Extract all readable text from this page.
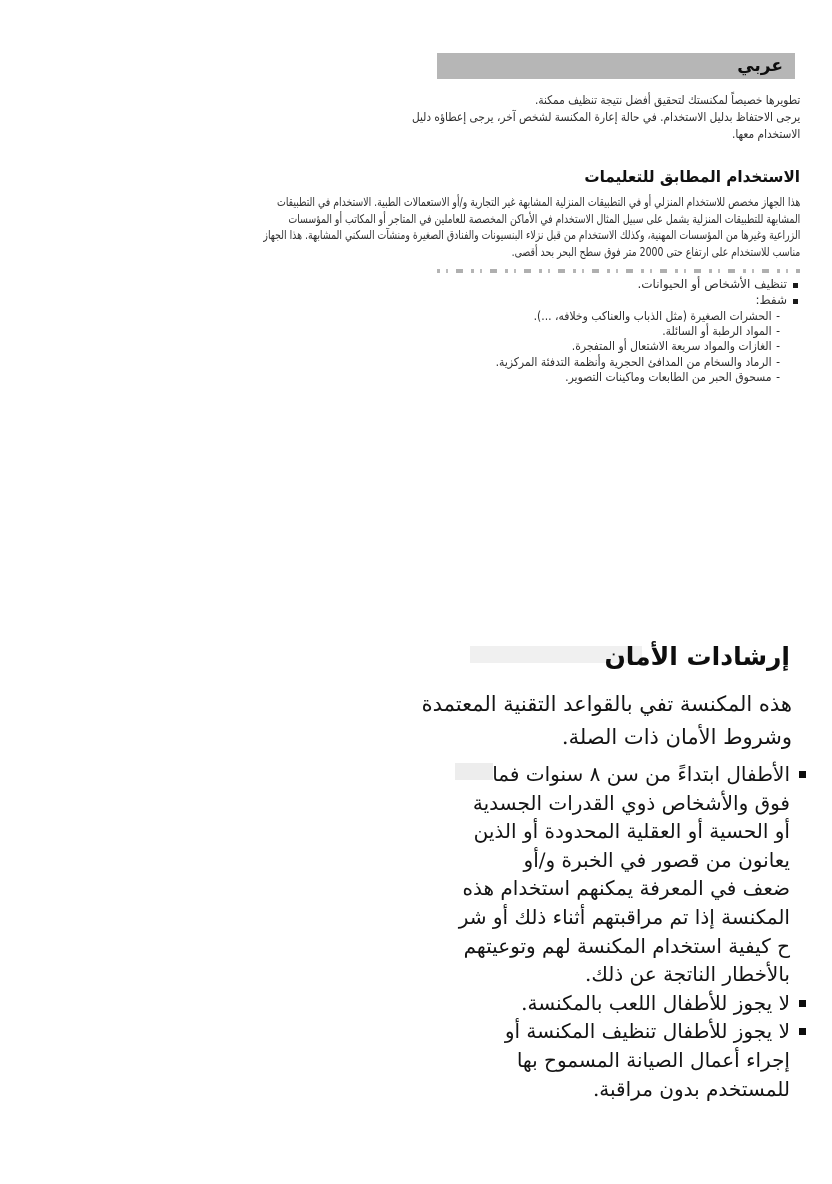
عربي
تطويرها خصيصاً لمكنستك لتحقيق أفضل نتيجة تنظيف ممكنة.
يرجى الاحتفاظ بدليل الاستخدام. في حالة إعارة المكنسة لشخص آخر، يرجى إعطاؤه دليل
الاستخدام معها.
الاستخدام المطابق للتعليمات
هذا الجهاز مخصص للاستخدام المنزلي أو في التطبيقات المنزلية المشابهة غير التجارية و/أو الاستعمالات الطبية. الاستخدام في التطبيقات
المشابهة للتطبيقات المنزلية يشمل على سبيل المثال الاستخدام في الأماكن المخصصة للعاملين في المتاجر أو المكاتب أو المؤسسات
الزراعية وغيرها من المؤسسات المهنية، وكذلك الاستخدام من قبل نزلاء البنسيونات والفنادق الصغيرة ومنشآت السكني المشابهة. هذا الجهاز
مناسب للاستخدام على ارتفاع حتى 2000 متر فوق سطح البحر بحد أقصى.
تنظيف الأشخاص أو الحيوانات.
شفط:
-الحشرات الصغيرة (مثل الذباب والعناكب وخلافه، ...).
-المواد الرطبة أو السائلة.
-الغازات والمواد سريعة الاشتعال أو المتفجرة.
-الرماد والسخام من المدافئ الحجرية وأنظمة التدفئة المركزية.
-مسحوق الحبر من الطابعات وماكينات التصوير.
إرشادات الأمان
هذه المكنسة تفي بالقواعد التقنية المعتمدة
وشروط الأمان ذات الصلة.
الأطفال ابتداءً من سن ٨ سنوات فما
فوق والأشخاص ذوي القدرات الجسدية
أو الحسية أو العقلية المحدودة أو الذين
يعانون من قصور في الخبرة و/أو
ضعف في المعرفة يمكنهم استخدام هذه
المكنسة إذا تم مراقبتهم أثناء ذلك أو شر
ح كيفية استخدام المكنسة لهم وتوعيتهم
بالأخطار الناتجة عن ذلك.
لا يجوز للأطفال اللعب بالمكنسة.
لا يجوز للأطفال تنظيف المكنسة أو
إجراء أعمال الصيانة المسموح بها
للمستخدم بدون مراقبة.
